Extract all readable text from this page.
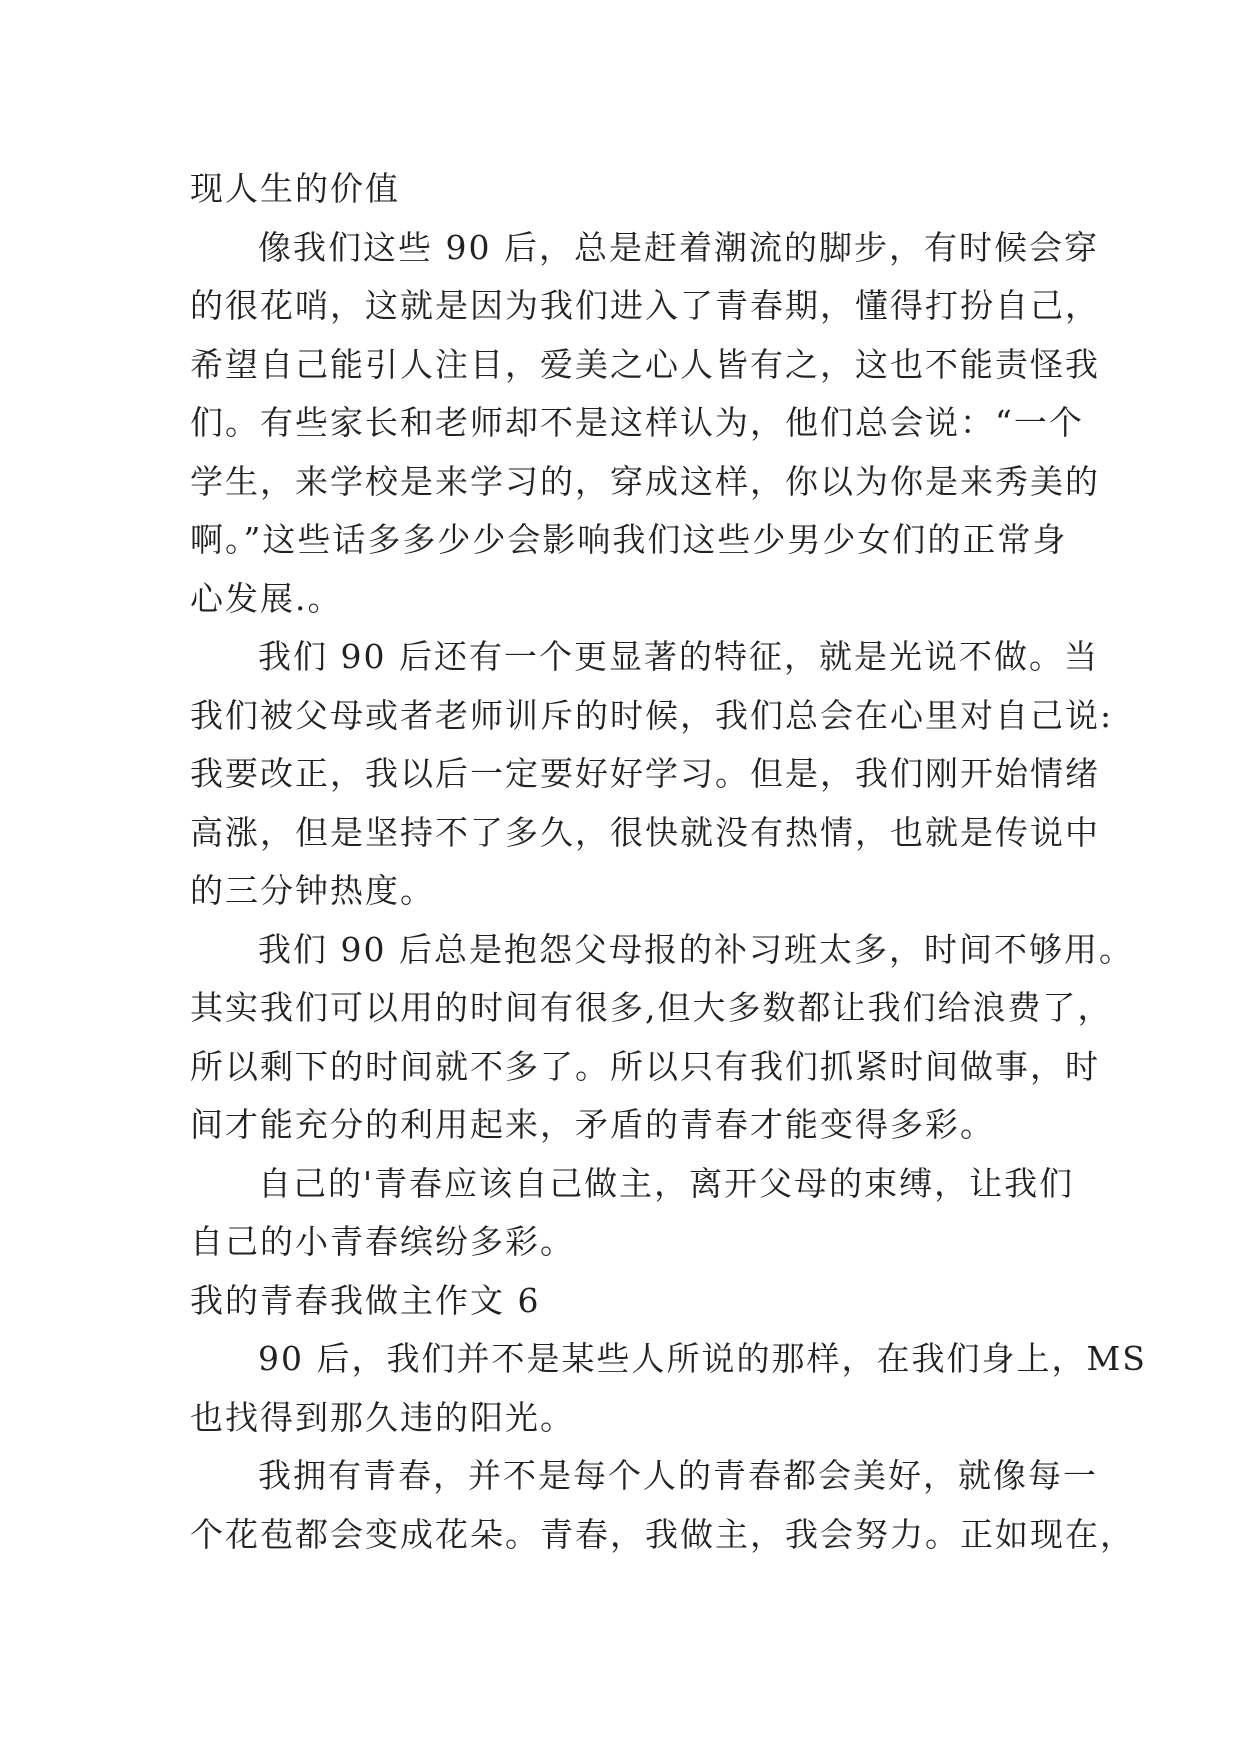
现人生的价值
像我们这些 90 后，总是赶着潮流的脚步，有时候会穿
的很花哨，这就是因为我们进入了青春期，懂得打扮自己，
希望自己能引人注目，爱美之心人皆有之，这也不能责怪我
们。有些家长和老师却不是这样认为，他们总会说：“一个
学生，来学校是来学习的，穿成这样，你以为你是来秀美的
啊。”这些话多多少少会影响我们这些少男少女们的正常身
心发展.。
我们 90 后还有一个更显著的特征，就是光说不做。当
我们被父母或者老师训斥的时候，我们总会在心里对自己说:
我要改正，我以后一定要好好学习。但是，我们刚开始情绪
高涨，但是坚持不了多久，很快就没有热情，也就是传说中
的三分钟热度。
我们 90 后总是抱怨父母报的补习班太多，时间不够用。
其实我们可以用的时间有很多,但大多数都让我们给浪费了，
所以剩下的时间就不多了。所以只有我们抓紧时间做事，时
间才能充分的利用起来，矛盾的青春才能变得多彩。
自己的'青春应该自己做主，离开父母的束缚，让我们
自己的小青春缤纷多彩。
我的青春我做主作文 6
90 后，我们并不是某些人所说的那样，在我们身上，MS
也找得到那久违的阳光。
我拥有青春，并不是每个人的青春都会美好，就像每一
个花苞都会变成花朵。青春，我做主，我会努力。正如现在，
